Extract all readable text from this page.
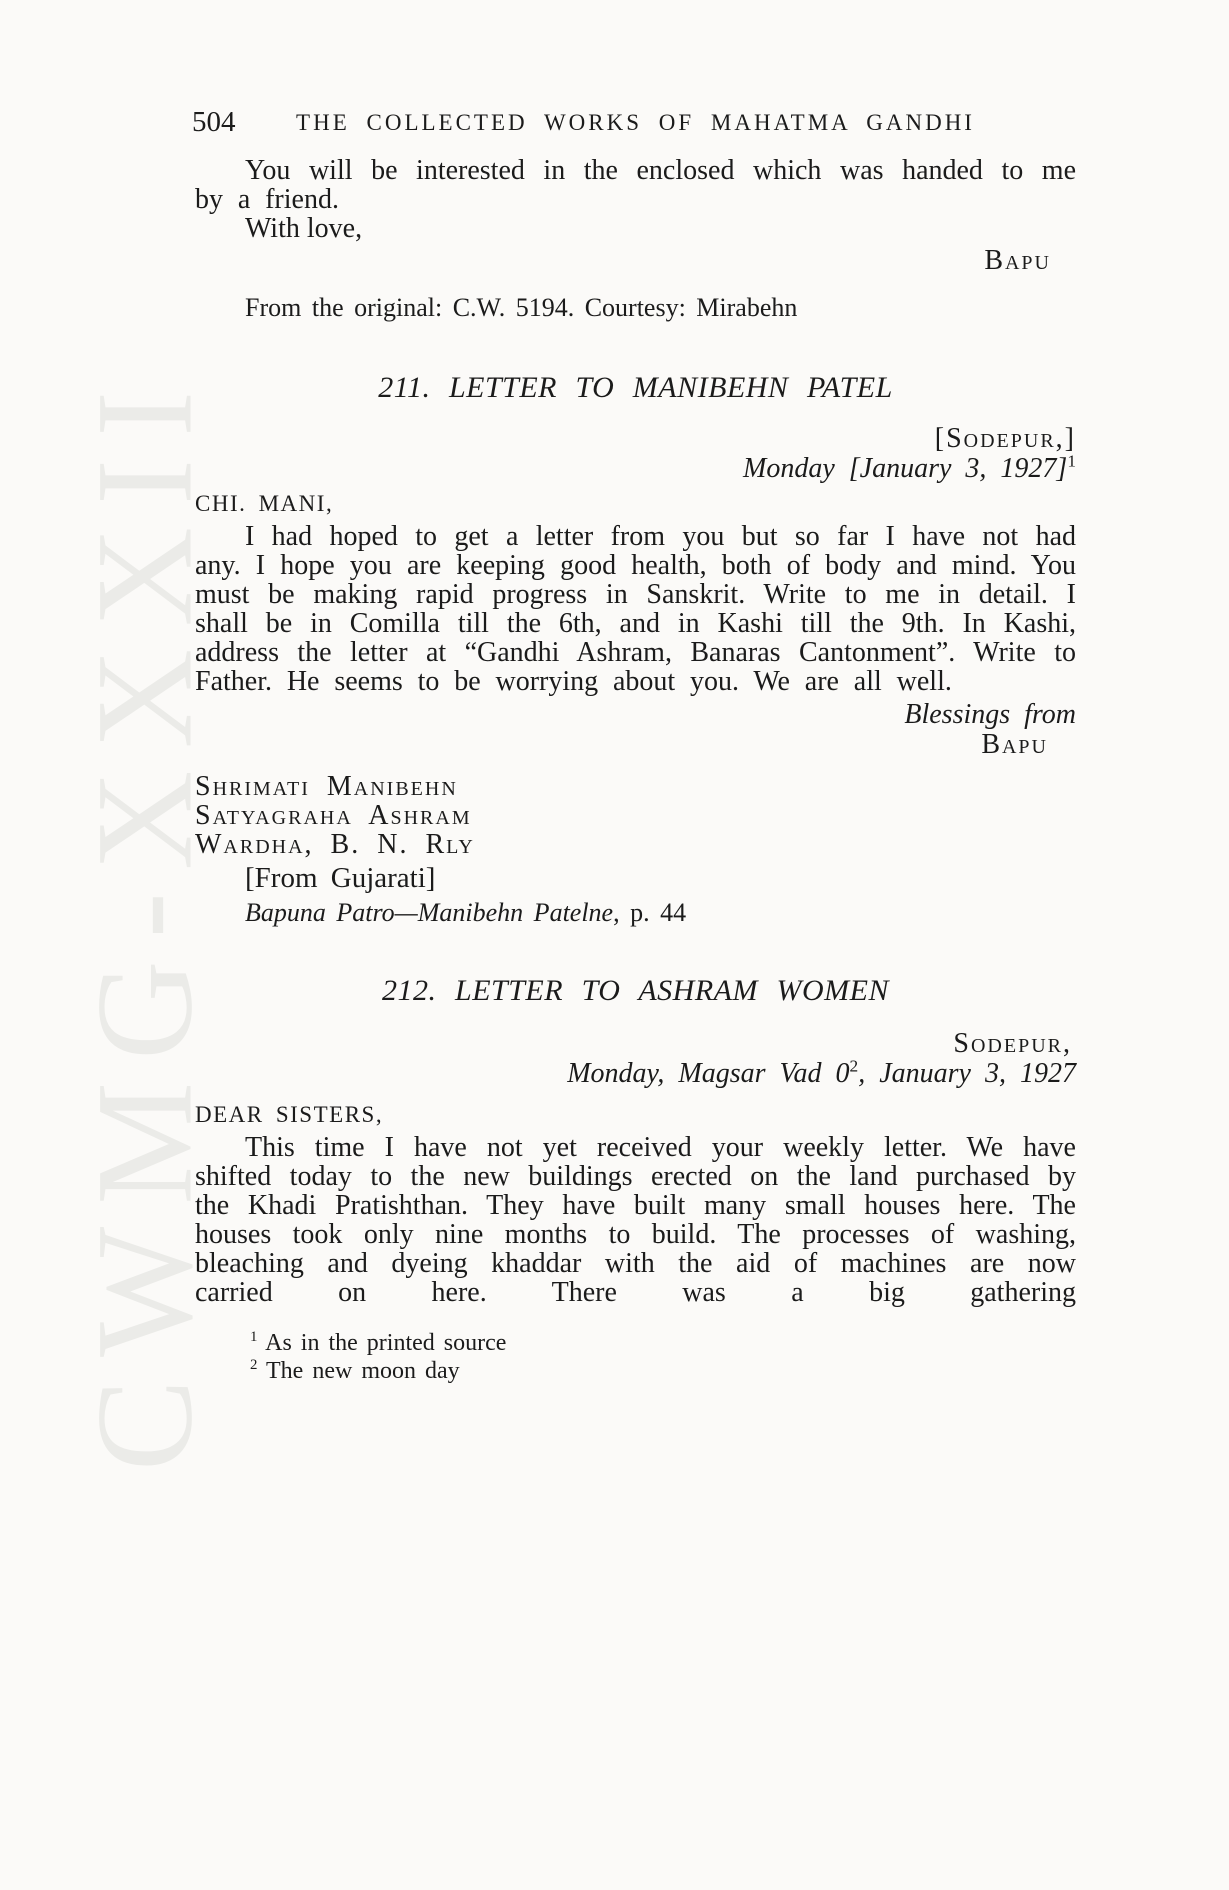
CWMG-XXXII
504	THE COLLECTED WORKS OF MAHATMA GANDHI

You will be interested in the enclosed which was handed to me by a friend.

With love,
Bapu
From the original: C.W. 5194. Courtesy: Mirabehn
211. LETTER TO MANIBEHN PATEL
[Sodepur,]
Monday [January 3, 1927]$^1$
CHI. MANI,

I had hoped to get a letter from you but so far I have not had any. I hope you are keeping good health, both of body and mind. You must be making rapid progress in Sanskrit. Write to me in detail. I shall be in Comilla till the 6th, and in Kashi till the 9th. In Kashi, address the letter at “Gandhi Ashram, Banaras Cantonment”. Write to Father. He seems to be worrying about you. We are all well.

Blessings from
Bapu
Shrimati Manibehn
Satyagraha Ashram
Wardha, B. N. Rly
[From Gujarati]
Bapuna Patro—Manibehn Patelne, p. 44
212. LETTER TO ASHRAM WOMEN
Sodepur,
Monday, Magsar Vad $0^2$, January 3, 1927
DEAR SISTERS,

This time I have not yet received your weekly letter. We have shifted today to the new buildings erected on the land purchased by the Khadi Pratishthan. They have built many small houses here. The houses took only nine months to build. The processes of washing, bleaching and dyeing khaddar with the aid of machines are now carried on here. There was a big gathering

$^1$ As in the printed source
$^2$ The new moon day
